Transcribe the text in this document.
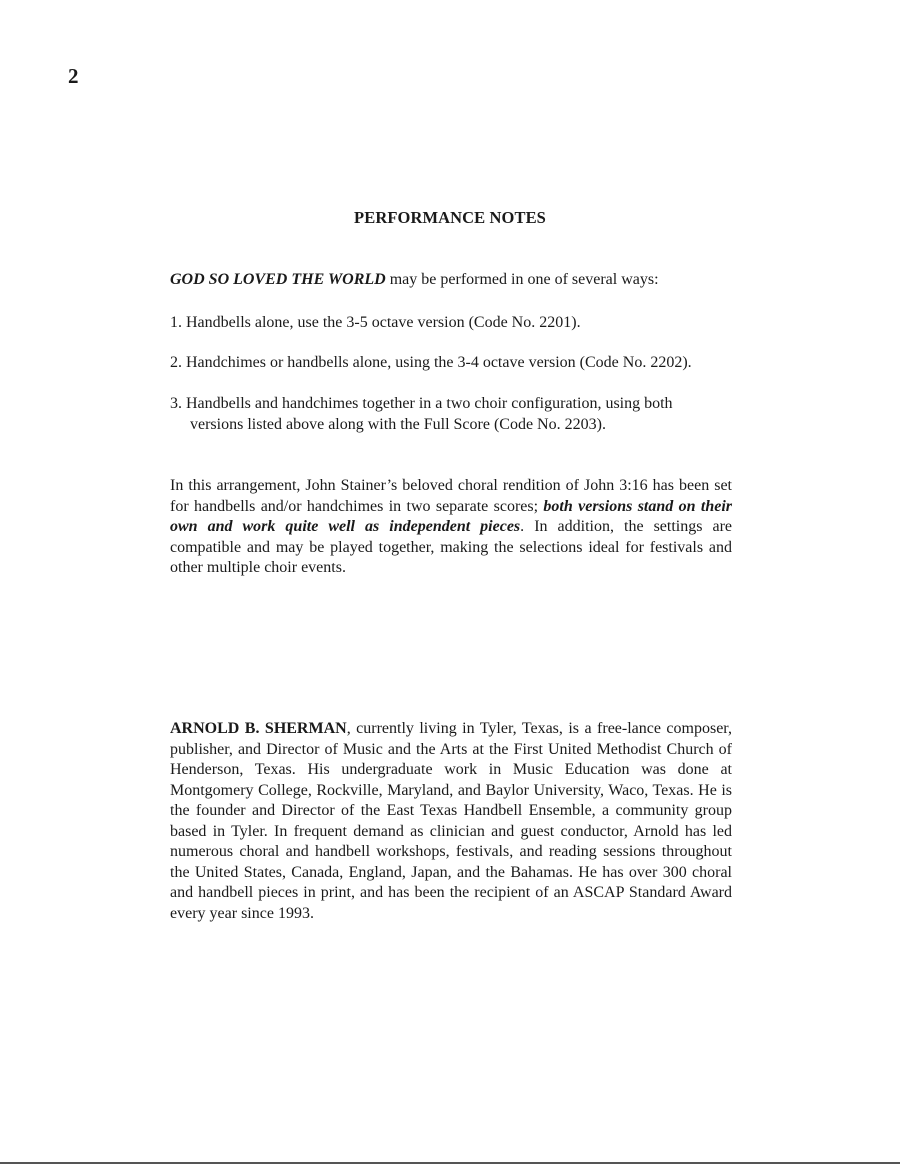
2
PERFORMANCE NOTES
GOD SO LOVED THE WORLD may be performed in one of several ways:
1. Handbells alone, use the 3-5 octave version (Code No. 2201).
2. Handchimes or handbells alone, using the 3-4 octave version (Code No. 2202).
3. Handbells and handchimes together in a two choir configuration, using both
versions listed above along with the Full Score (Code No. 2203).
In this arrangement, John Stainer’s beloved choral rendition of John 3:16 has been set for handbells and/or handchimes in two separate scores; both versions stand on their own and work quite well as independent pieces. In addition, the settings are compatible and may be played together, making the selections ideal for festivals and other multiple choir events.
ARNOLD B. SHERMAN, currently living in Tyler, Texas, is a free-lance composer, publisher, and Director of Music and the Arts at the First United Methodist Church of Henderson, Texas. His undergraduate work in Music Education was done at Montgomery College, Rockville, Maryland, and Baylor University, Waco, Texas. He is the founder and Director of the East Texas Handbell Ensemble, a community group based in Tyler. In frequent demand as clinician and guest conductor, Arnold has led numerous choral and handbell workshops, festivals, and reading sessions throughout the United States, Canada, England, Japan, and the Bahamas. He has over 300 choral and handbell pieces in print, and has been the recipient of an ASCAP Standard Award every year since 1993.
